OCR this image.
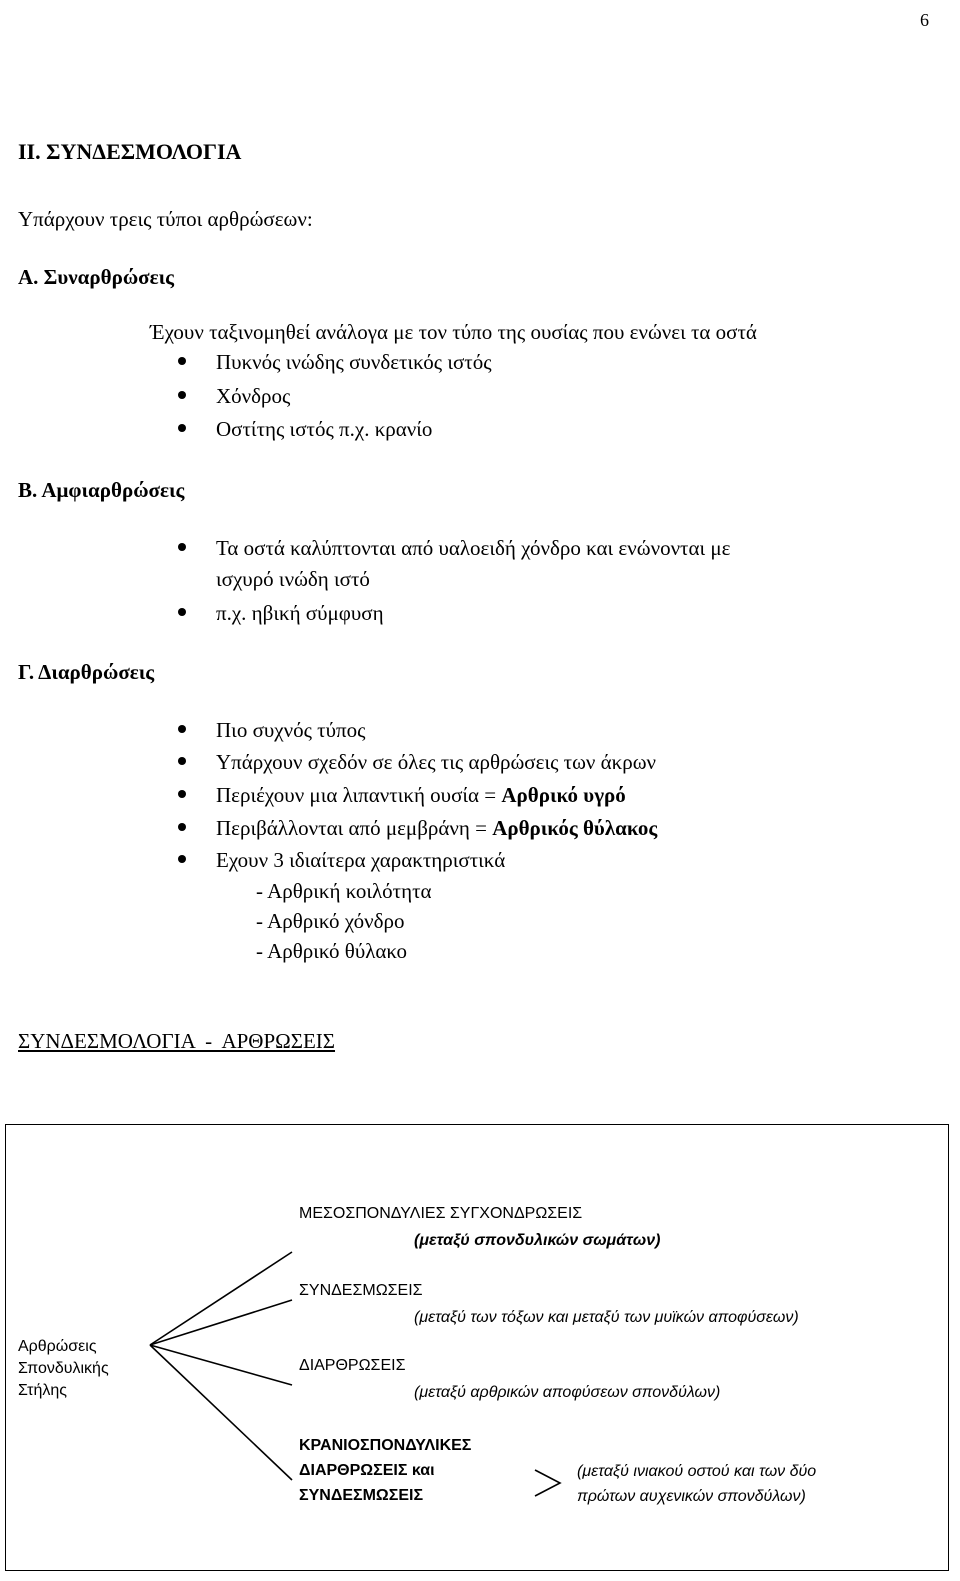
6
ΙΙ. ΣΥΝΔΕΣΜΟΛΟΓΙΑ
Υπάρχουν τρεις τύποι αρθρώσεων:
Α. Συναρθρώσεις
Έχουν ταξινομηθεί ανάλογα με τον τύπο της ουσίας που ενώνει τα οστά
Πυκνός ινώδης συνδετικός ιστός
Χόνδρος
Οστίτης ιστός π.χ. κρανίο
Β. Αμφιαρθρώσεις
Τα οστά καλύπτονται από υαλοειδή χόνδρο και ενώνονται με
ισχυρό ινώδη ιστό
π.χ. ηβική σύμφυση
Γ. Διαρθρώσεις
Πιο συχνός τύπος
Υπάρχουν σχεδόν σε όλες τις αρθρώσεις των άκρων
Περιέχουν μια λιπαντική ουσία = Αρθρικό υγρό
Περιβάλλονται από μεμβράνη = Αρθρικός θύλακος
Εχουν 3 ιδιαίτερα χαρακτηριστικά
- Αρθρική κοιλότητα
- Αρθρικό χόνδρο
- Αρθρικό θύλακο
ΣΥΝΔΕΣΜΟΛΟΓΙΑ  -  ΑΡΘΡΩΣΕΙΣ
Αρθρώσεις
Σπονδυλικής
Στήλης
ΜΕΣΟΣΠΟΝΔΥΛΙΕΣ ΣΥΓΧΟΝΔΡΩΣΕΙΣ
(μεταξύ σπονδυλικών σωμάτων)
ΣΥΝΔΕΣΜΩΣΕΙΣ
(μεταξύ των τόξων και μεταξύ των μυϊκών αποφύσεων)
ΔΙΑΡΘΡΩΣΕΙΣ
(μεταξύ αρθρικών αποφύσεων σπονδύλων)
ΚΡΑΝΙΟΣΠΟΝΔΥΛΙΚΕΣ
ΔΙΑΡΘΡΩΣΕΙΣ και
ΣΥΝΔΕΣΜΩΣΕΙΣ
(μεταξύ ινιακού οστού και των δύο
πρώτων αυχενικών σπονδύλων)
